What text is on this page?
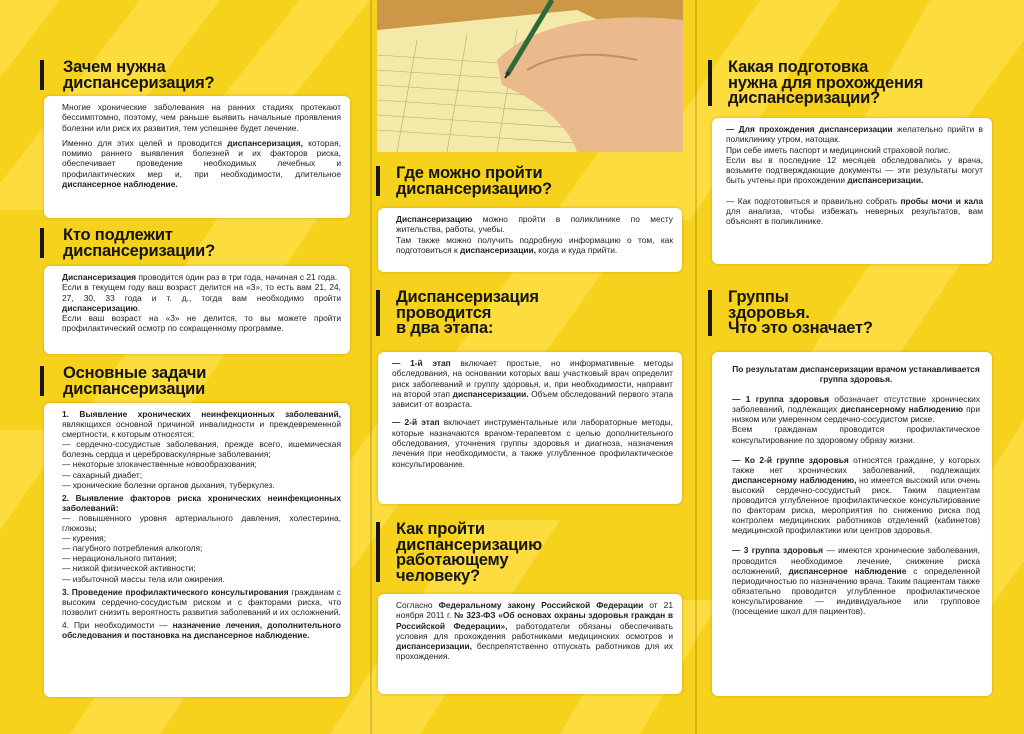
Зачем нужна
диспансеризация?

Многие хронические заболевания на ранних стадиях протекают бессимптомно, поэтому, чем раньше выявить начальные проявления болезни или риск их развития, тем успешнее будет лечение.

Именно для этих целей и проводится диспансеризация, которая, помимо раннего выявления болезней и их факторов риска, обеспечивает проведение необходимых лечебных и профилактических мер и, при необходимости, длительное диспансерное наблюдение.

Кто подлежит
диспансеризации?

Диспансеризация проводится один раз в три года, начиная с 21 года.

Если в текущем году ваш возраст делится на «3», то есть вам 21, 24, 27, 30, 33 года и т. д., тогда вам необходимо пройти диспансеризацию.

Если ваш возраст на «3» не делится, то вы можете пройти профилактический осмотр по сокращенному программе.

Основные задачи
диспансеризации

1. Выявление хронических неинфекционных заболеваний, являющихся основной причиной инвалидности и преждевременной смертности, к которым относятся:

— сердечно-сосудистые заболевания, прежде всего, ишемическая болезнь сердца и цереброваскулярные заболевания;
— некоторые злокачественные новообразования;
— сахарный диабет;
— хронические болезни органов дыхания, туберкулез.

2. Выявление факторов риска хронических неинфекционных заболеваний:

— повышенного уровня артериального давления, холестерина, глюкозы;
— курения;
— пагубного потребления алкоголя;
— нерационального питания;
— низкой физической активности;
— избыточной массы тела или ожирения.

3. Проведение профилактического консультирования гражданам с высоким сердечно-сосудистым риском и с факторами риска, что позволит снизить вероятность развития заболеваний и их осложнений.

4. При необходимости — назначение лечения, дополнительного обследования и постановка на диспансерное наблюдение.

Где можно пройти
диспансеризацию?

Диспансеризацию можно пройти в поликлинике по месту жительства, работы, учебы.

Там также можно получить подробную информацию о том, как подготовиться к диспансеризации, когда и куда прийти.

Диспансеризация
проводится
в два этапа:

— 1-й этап включает простые, но информативные методы обследования, на основании которых ваш участковый врач определит риск заболеваний и группу здоровья, и, при необходимости, направит на второй этап диспансеризации. Объем обследований первого этапа зависит от возраста.

— 2-й этап включает инструментальные или лабораторные методы, которые назначаются врачом-терапевтом с целью дополнительного обследования, уточнения группы здоровья и диагноза, назначения лечения при необходимости, а также углубленное профилактическое консультирование.

Как пройти
диспансеризацию
работающему
человеку?

Согласно Федеральному закону Российской Федерации от 21 ноября 2011 г. № 323-ФЗ «Об основах охраны здоровья граждан в Российской Федерации», работодатели обязаны обеспечивать условия для прохождения работниками медицинских осмотров и диспансеризации, беспрепятственно отпускать работников для их прохождения.

Какая подготовка
нужна для прохождения
диспансеризации?

— Для прохождения диспансеризации желательно прийти в поликлинику утром, натощак.

При себе иметь паспорт и медицинский страховой полис.

Если вы в последние 12 месяцев обследовались у врача, возьмите подтверждающие документы — эти результаты могут быть учтены при прохождении диспансеризации.

— Как подготовиться и правильно собрать пробы мочи и кала для анализа, чтобы избежать неверных результатов, вам объяснят в поликлинике.

Группы
здоровья.
Что это означает?

По результатам диспансеризации врачом устанавливается группа здоровья.

— 1 группа здоровья обозначает отсутствие хронических заболеваний, подлежащих диспансерному наблюдению при низком или умеренном сердечно-сосудистом риске.

Всем гражданам проводится профилактическое консультирование по здоровому образу жизни.

— Ко 2-й группе здоровья относятся граждане, у которых также нет хронических заболеваний, подлежащих диспансерному наблюдению, но имеется высокий или очень высокий сердечно-сосудистый риск. Таким пациентам проводится углубленное профилактическое консультирование по факторам риска, мероприятия по снижению риска под контролем медицинских работников отделений (кабинетов) медицинской профилактики или центров здоровья.

— 3 группа здоровья — имеются хронические заболевания, проводится необходимое лечение, снижение риска осложнений, диспансерное наблюдение с определенной периодичностью по назначению врача. Таким пациентам также обязательно проводится углубленное профилактическое консультирование — индивидуальное или групповое (посещение школ для пациентов).
